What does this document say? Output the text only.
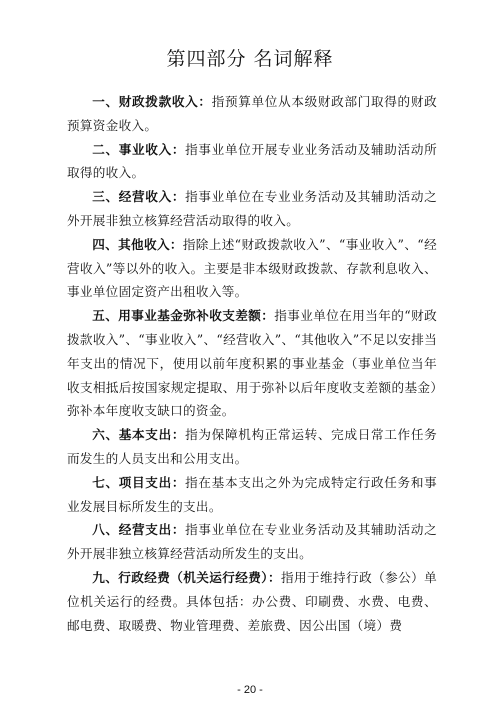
第四部分 名词解释

一、财政拨款收入：指预算单位从本级财政部门取得的财政预算资金收入。

二、事业收入：指事业单位开展专业业务活动及辅助活动所取得的收入。

三、经营收入：指事业单位在专业业务活动及其辅助活动之外开展非独立核算经营活动取得的收入。

四、其他收入：指除上述“财政拨款收入”、“事业收入”、“经营收入”等以外的收入。主要是非本级财政拨款、存款利息收入、事业单位固定资产出租收入等。

五、用事业基金弥补收支差额：指事业单位在用当年的“财政拨款收入”、“事业收入”、“经营收入”、“其他收入”不足以安排当年支出的情况下，使用以前年度积累的事业基金（事业单位当年收支相抵后按国家规定提取、用于弥补以后年度收支差额的基金）弥补本年度收支缺口的资金。

六、基本支出：指为保障机构正常运转、完成日常工作任务而发生的人员支出和公用支出。

七、项目支出：指在基本支出之外为完成特定行政任务和事业发展目标所发生的支出。

八、经营支出：指事业单位在专业业务活动及其辅助活动之外开展非独立核算经营活动所发生的支出。

九、行政经费（机关运行经费）：指用于维持行政（参公）单位机关运行的经费。具体包括：办公费、印刷费、水费、电费、邮电费、取暖费、物业管理费、差旅费、因公出国（境）费

- 20 -
